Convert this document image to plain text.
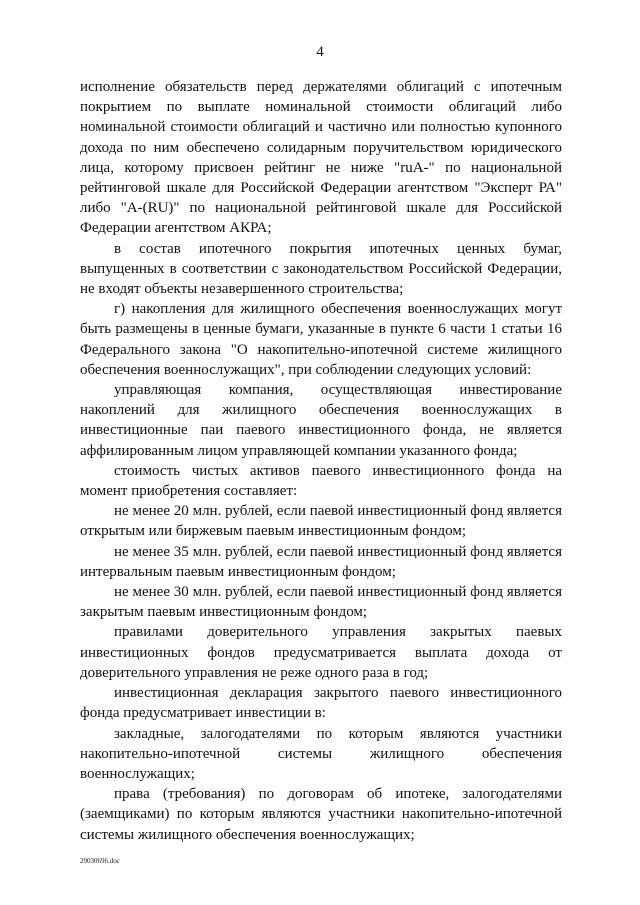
4

исполнение обязательств перед держателями облигаций с ипотечным покрытием по выплате номинальной стоимости облигаций либо номинальной стоимости облигаций и частично или полностью купонного дохода по ним обеспечено солидарным поручительством юридического лица, которому присвоен рейтинг не ниже "ruA-" по национальной рейтинговой шкале для Российской Федерации агентством "Эксперт РА" либо "A-(RU)" по национальной рейтинговой шкале для Российской Федерации агентством АКРА;

в состав ипотечного покрытия ипотечных ценных бумаг, выпущенных в соответствии с законодательством Российской Федерации, не входят объекты незавершенного строительства;

г) накопления для жилищного обеспечения военнослужащих могут быть размещены в ценные бумаги, указанные в пункте 6 части 1 статьи 16 Федерального закона "О накопительно-ипотечной системе жилищного обеспечения военнослужащих", при соблюдении следующих условий:

управляющая компания, осуществляющая инвестирование накоплений для жилищного обеспечения военнослужащих в инвестиционные паи паевого инвестиционного фонда, не является аффилированным лицом управляющей компании указанного фонда;

стоимость чистых активов паевого инвестиционного фонда на момент приобретения составляет:

не менее 20 млн. рублей, если паевой инвестиционный фонд является открытым или биржевым паевым инвестиционным фондом;

не менее 35 млн. рублей, если паевой инвестиционный фонд является интервальным паевым инвестиционным фондом;

не менее 30 млн. рублей, если паевой инвестиционный фонд является закрытым паевым инвестиционным фондом;

правилами доверительного управления закрытых паевых инвестиционных фондов предусматривается выплата дохода от доверительного управления не реже одного раза в год;

инвестиционная декларация закрытого паевого инвестиционного фонда предусматривает инвестиции в:

закладные, залогодателями по которым являются участники накопительно-ипотечной системы жилищного обеспечения военнослужащих;

права (требования) по договорам об ипотеке, залогодателями (заемщиками) по которым являются участники накопительно-ипотечной системы жилищного обеспечения военнослужащих;

29030696.doc
